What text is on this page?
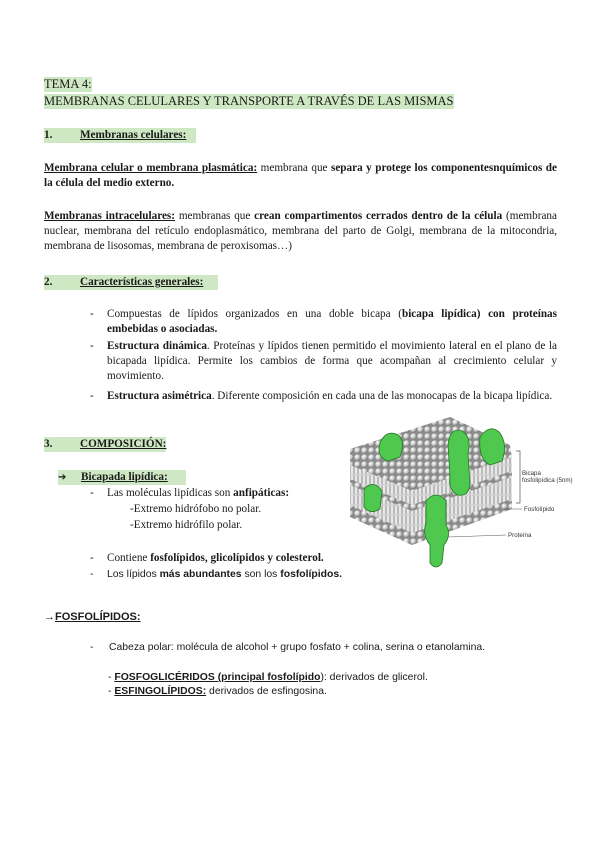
TEMA 4:
MEMBRANAS CELULARES Y TRANSPORTE A TRAVÉS DE LAS MISMAS
1. Membranas celulares:
Membrana celular o membrana plasmática: membrana que separa y protege los componentesnquímicos de la célula del medio externo.
Membranas intracelulares: membranas que crean compartimentos cerrados dentro de la célula (membrana nuclear, membrana del retículo endoplasmático, membrana del parto de Golgi, membrana de la mitocondria, membrana de lisosomas, membrana de peroxisomas…)
2. Características generales:
- Compuestas de lípidos organizados en una doble bicapa (bicapa lipídica) con proteínas embebidas o asociadas.
- Estructura dinámica. Proteínas y lípidos tienen permitido el movimiento lateral en el plano de la bicapada lipídica. Permite los cambios de forma que acompañan al crecimiento celular y movimiento.
- Estructura asimétrica. Diferente composición en cada una de las monocapas de la bicapa lipídica.
3. COMPOSICIÓN:
➔ Bicapada lipídica:
- Las moléculas lipídicas son anfipáticas:
-Extremo hidrófobo no polar.
-Extremo hidrófilo polar.
- Contiene fosfolípidos, glicolípidos y colesterol.
- Los lípidos más abundantes son los fosfolípidos.
Bicapa fosfolipídica (5nm)
Fosfolípido
Proteína
→FOSFOLÍPIDOS:
- Cabeza polar: molécula de alcohol + grupo fosfato + colina, serina o etanolamina.
- FOSFOGLICÉRIDOS (principal fosfolípido): derivados de glicerol.
- ESFINGOLÍPIDOS: derivados de esfingosina.
